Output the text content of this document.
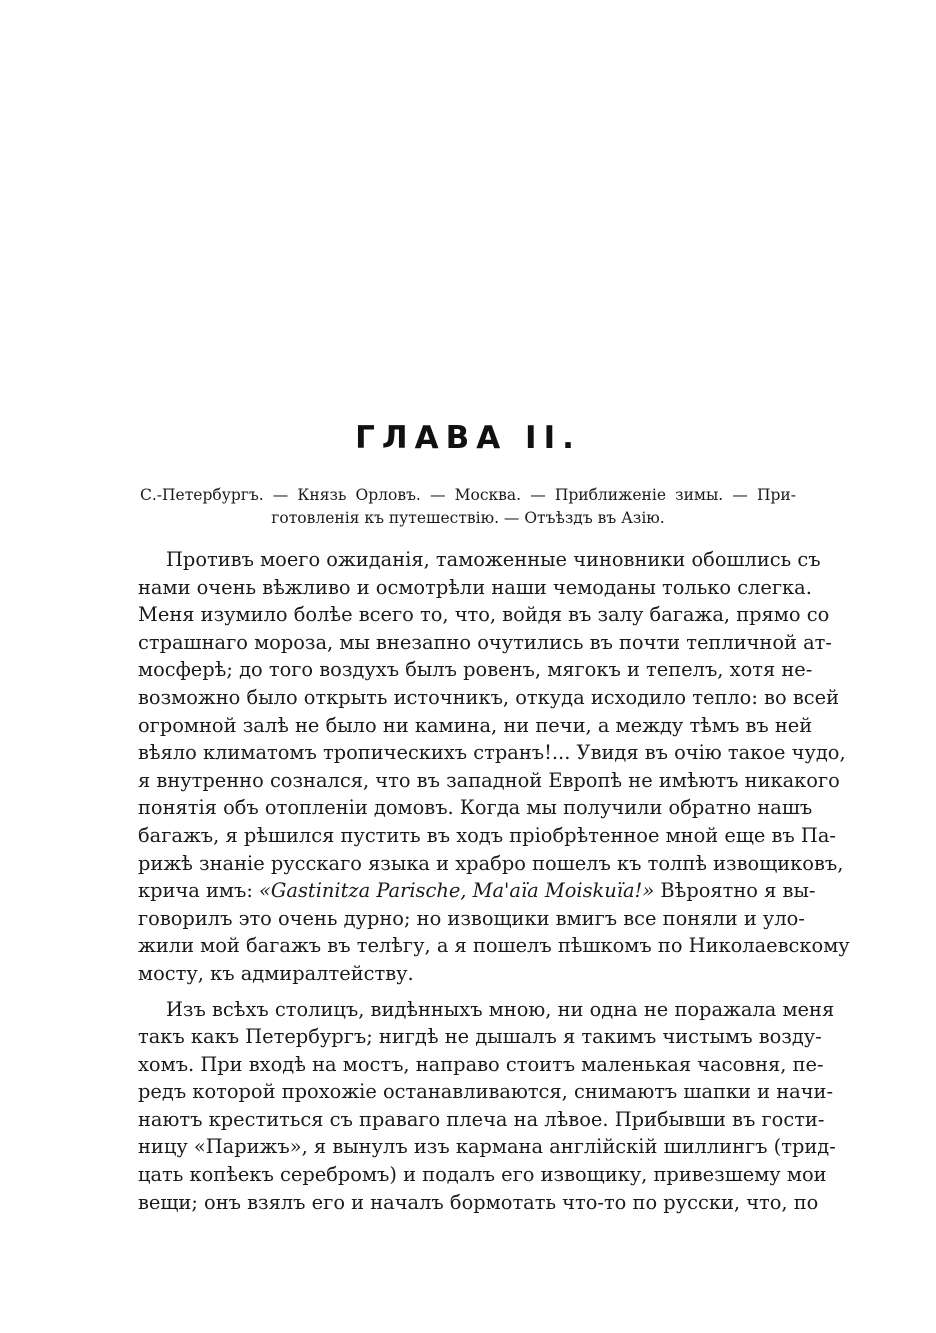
ГЛАВА II.
С.-Петербургъ. — Князь Орловъ. — Москва. — Приближеніе зимы. — При-
готовленія къ путешествію. — Отъѣздъ въ Азію.
Противъ моего ожиданія, таможенные чиновники обошлись съ
нами очень вѣжливо и осмотрѣли наши чемоданы только слегка.
Меня изумило болѣе всего то, что, войдя въ залу багажа, прямо со
страшнаго мороза, мы внезапно очутились въ почти тепличной ат-
мосферѣ; до того воздухъ былъ ровенъ, мягокъ и тепелъ, хотя не-
возможно было открыть источникъ, откуда исходило тепло: во всей
огромной залѣ не было ни камина, ни печи, а между тѣмъ въ ней
вѣяло климатомъ тропическихъ странъ!... Увидя въ очію такое чудо,
я внутренно сознался, что въ западной Европѣ не имѣютъ никакого
понятія объ отопленіи домовъ. Когда мы получили обратно нашъ
багажъ, я рѣшился пустить въ ходъ пріобрѣтенное мной еще въ Па-
рижѣ знаніе русскаго языка и храбро пошелъ къ толпѣ извощиковъ,
крича имъ: «Gastinitza Parische, Ma'aïa Moiskuïa!» Вѣроятно я вы-
говорилъ это очень дурно; но извощики вмигъ все поняли и уло-
жили мой багажъ въ телѣгу, а я пошелъ пѣшкомъ по Николаевскому
мосту, къ адмиралтейству.
Изъ всѣхъ столицъ, видѣнныхъ мною, ни одна не поражала меня
такъ какъ Петербургъ; нигдѣ не дышалъ я такимъ чистымъ возду-
хомъ. При входѣ на мостъ, направо стоитъ маленькая часовня, пе-
редъ которой прохожіе останавливаются, снимаютъ шапки и начи-
наютъ креститься съ праваго плеча на лѣвое. Прибывши въ гости-
ницу «Парижъ», я вынулъ изъ кармана англійскій шиллингъ (трид-
цать копѣекъ серебромъ) и подалъ его извощику, привезшему мои
вещи; онъ взялъ его и началъ бормотать что-то по русски, что, по
